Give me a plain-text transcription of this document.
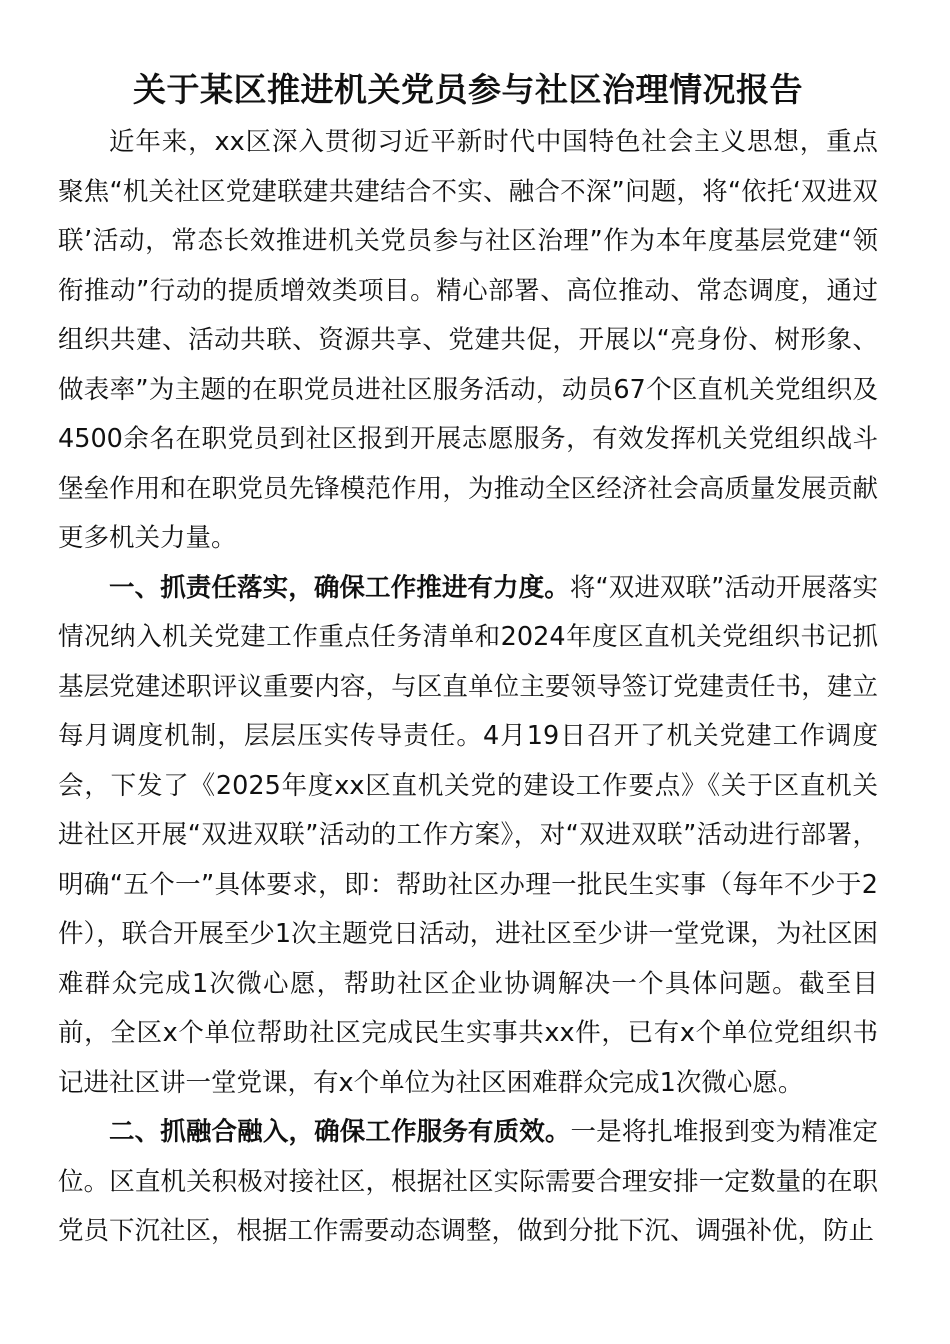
关于某区推进机关党员参与社区治理情况报告

近年来，xx区深入贯彻习近平新时代中国特色社会主义思想，重点聚焦“机关社区党建联建共建结合不实、融合不深”问题，将“依托‘双进双联’活动，常态长效推进机关党员参与社区治理”作为本年度基层党建“领衔推动”行动的提质增效类项目。精心部署、高位推动、常态调度，通过组织共建、活动共联、资源共享、党建共促，开展以“亮身份、树形象、做表率”为主题的在职党员进社区服务活动，动员67个区直机关党组织及4500余名在职党员到社区报到开展志愿服务，有效发挥机关党组织战斗堡垒作用和在职党员先锋模范作用，为推动全区经济社会高质量发展贡献更多机关力量。

一、抓责任落实，确保工作推进有力度。将“双进双联”活动开展落实情况纳入机关党建工作重点任务清单和2024年度区直机关党组织书记抓基层党建述职评议重要内容，与区直单位主要领导签订党建责任书，建立每月调度机制，层层压实传导责任。4月19日召开了机关党建工作调度会，下发了《2025年度xx区直机关党的建设工作要点》《关于区直机关进社区开展“双进双联”活动的工作方案》，对“双进双联”活动进行部署，明确“五个一”具体要求，即：帮助社区办理一批民生实事（每年不少于2件），联合开展至少1次主题党日活动，进社区至少讲一堂党课，为社区困难群众完成1次微心愿，帮助社区企业协调解决一个具体问题。截至目前，全区x个单位帮助社区完成民生实事共xx件，已有x个单位党组织书记进社区讲一堂党课，有x个单位为社区困难群众完成1次微心愿。

二、抓融合融入，确保工作服务有质效。一是将扎堆报到变为精准定位。区直机关积极对接社区，根据社区实际需要合理安排一定数量的在职党员下沉社区，根据工作需要动态调整，做到分批下沉、调强补优，防止
